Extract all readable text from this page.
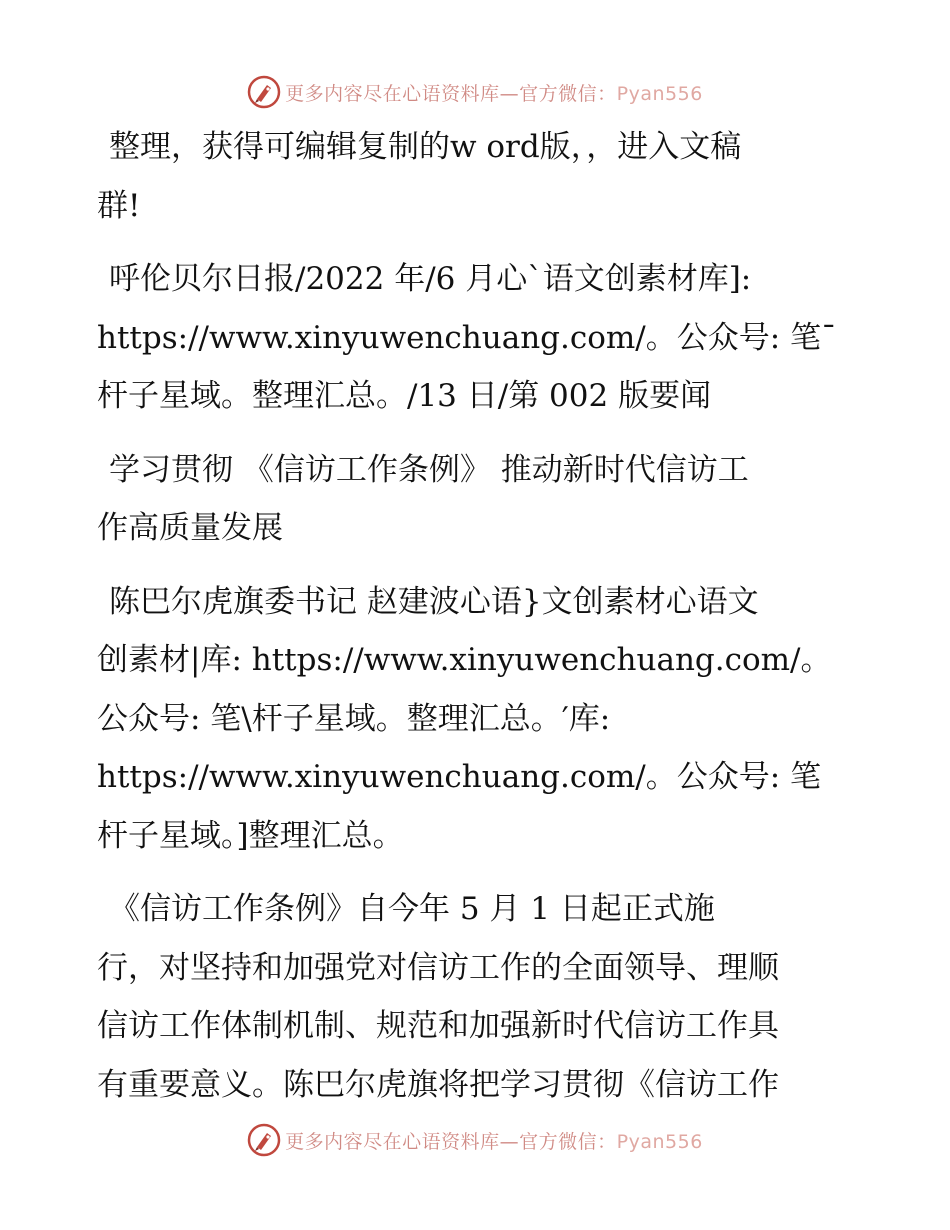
更多内容尽在心语资料库—官方微信：Pyan556

整理，获得可编辑复制的w ord版，，进入文稿
群!

呼伦贝尔日报/2022 年/6 月心`语文创素材库]:
https://www.xinyuwenchuang.com/。公众号: 笔¯
杆子星域。整理汇总。/13 日/第 002 版要闻

学习贯彻 《信访工作条例》 推动新时代信访工
作高质量发展

陈巴尔虎旗委书记 赵建波心语}文创素材心语文
创素材|库: https://www.xinyuwenchuang.com/。
公众号: 笔\杆子星域。整理汇总。′库:
https://www.xinyuwenchuang.com/。公众号: 笔
杆子星域。]整理汇总。

《信访工作条例》自今年 5 月 1 日起正式施
行，对坚持和加强党对信访工作的全面领导、理顺
信访工作体制机制、规范和加强新时代信访工作具
有重要意义。陈巴尔虎旗将把学习贯彻《信访工作

更多内容尽在心语资料库—官方微信：Pyan556
